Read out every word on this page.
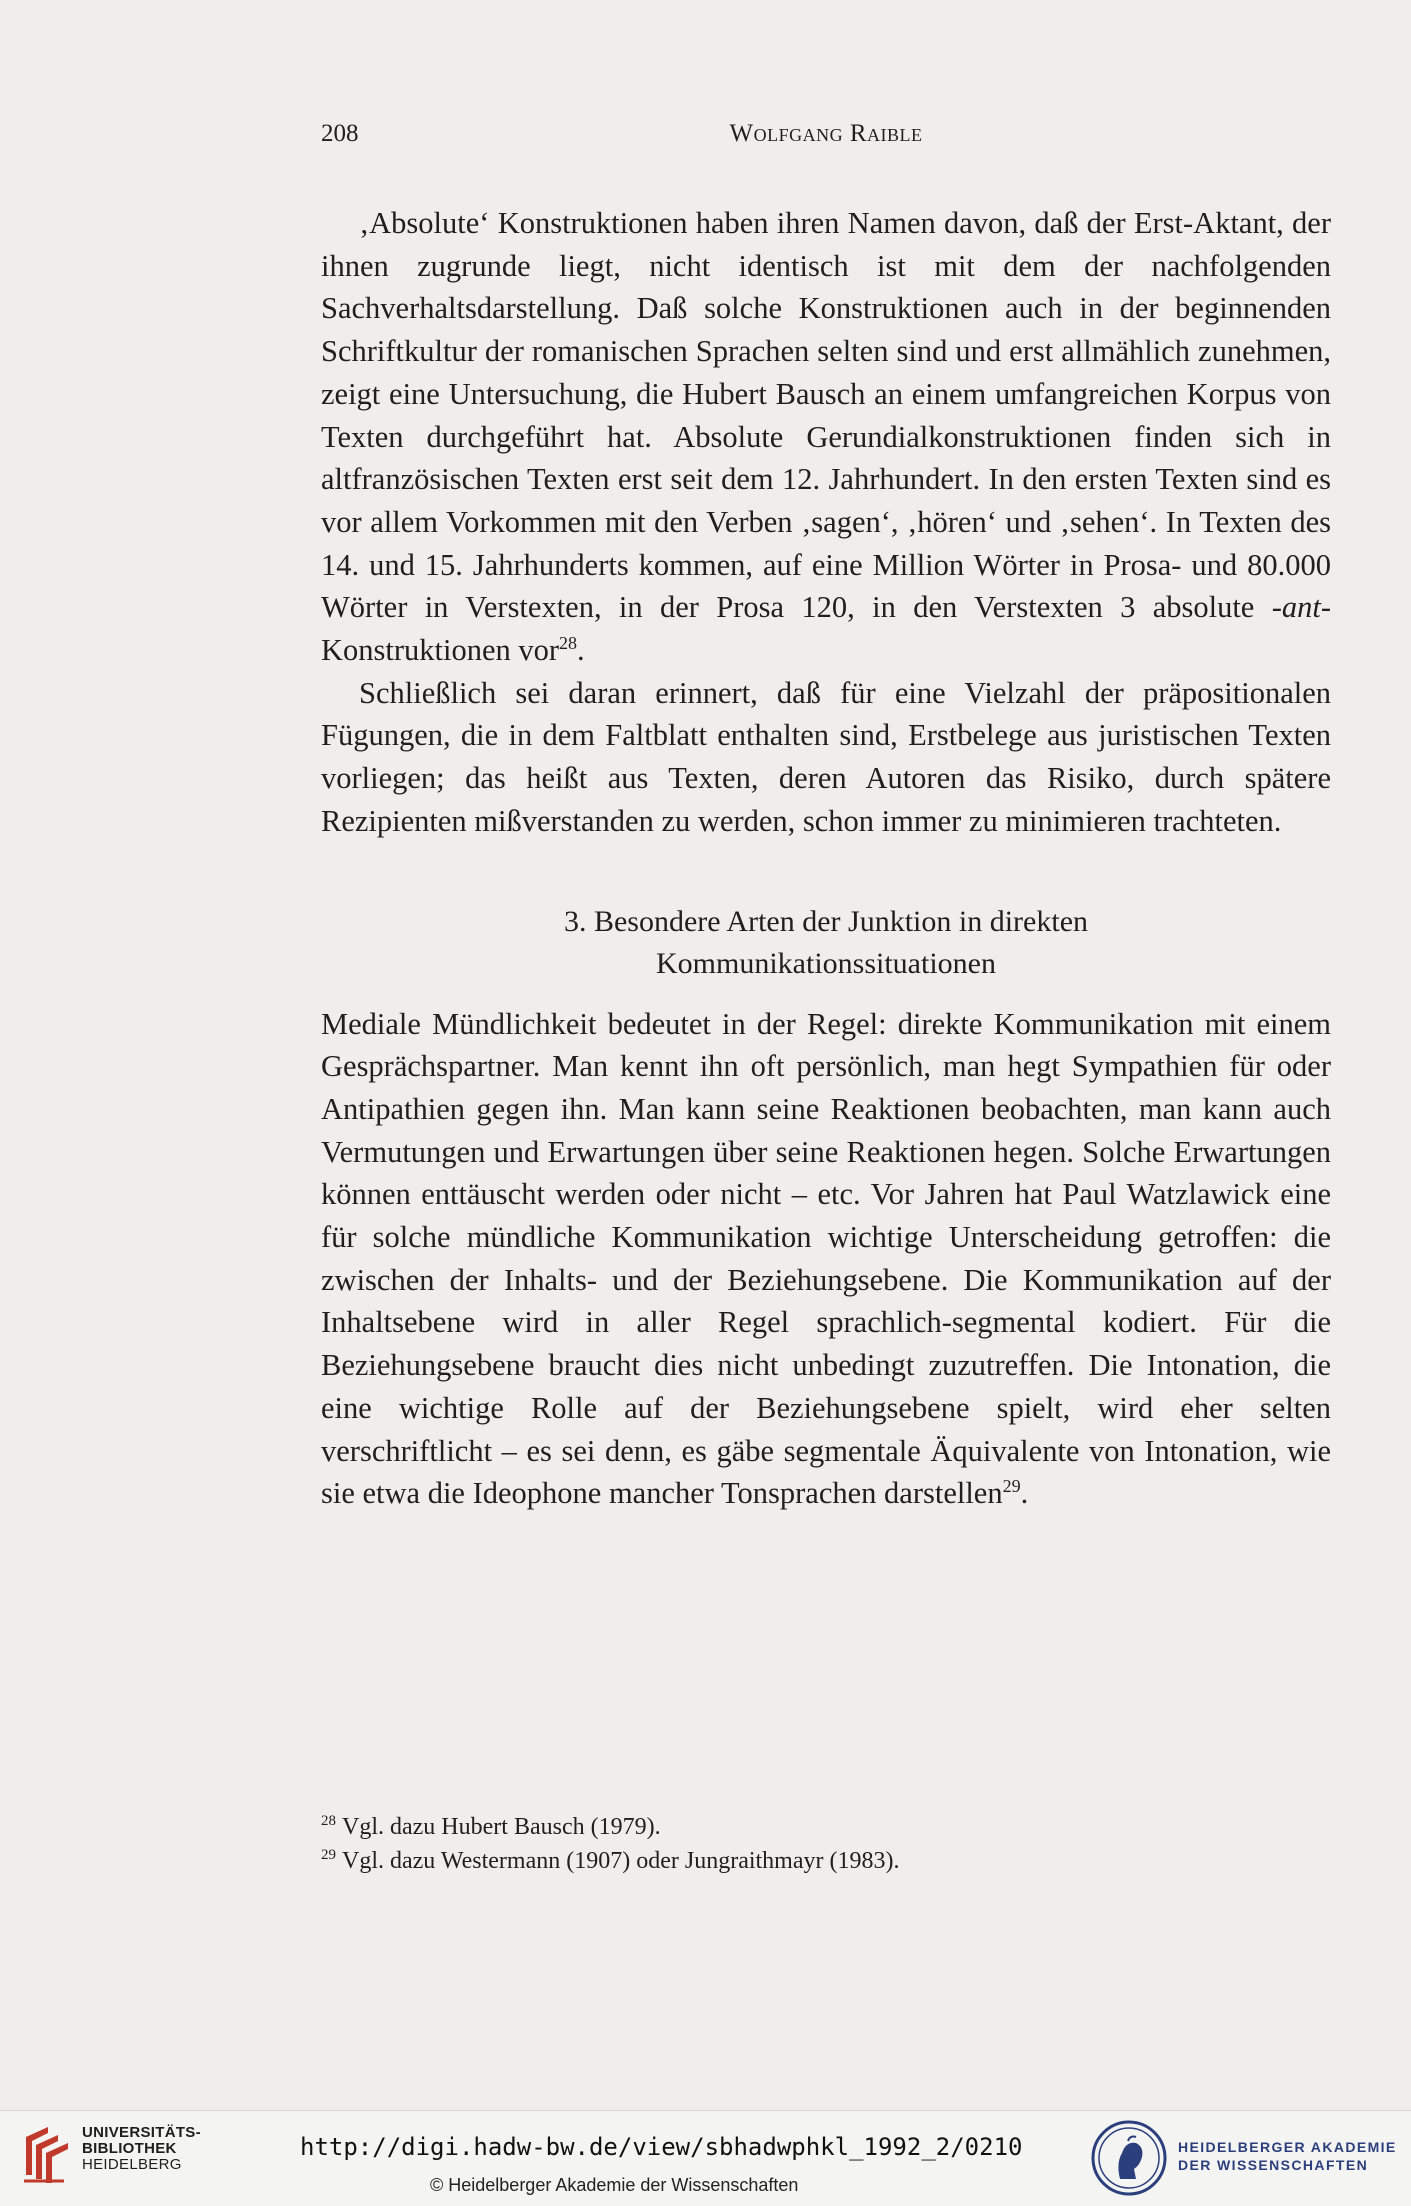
208	Wolfgang Raible

‚Absolute‘ Konstruktionen haben ihren Namen davon, daß der Erst-Aktant, der ihnen zugrunde liegt, nicht identisch ist mit dem der nachfolgenden Sachverhaltsdarstellung. Daß solche Konstruktionen auch in der beginnenden Schriftkultur der romanischen Sprachen selten sind und erst allmählich zunehmen, zeigt eine Untersuchung, die Hubert Bausch an einem umfangreichen Korpus von Texten durchgeführt hat. Absolute Gerundialkonstruktionen finden sich in altfranzösischen Texten erst seit dem 12. Jahrhundert. In den ersten Texten sind es vor allem Vorkommen mit den Verben ‚sagen‘, ‚hören‘ und ‚sehen‘. In Texten des 14. und 15. Jahrhunderts kommen, auf eine Million Wörter in Prosa- und 80.000 Wörter in Verstexten, in der Prosa 120, in den Verstexten 3 absolute -ant-Konstruktionen vor$^{28}$.

Schließlich sei daran erinnert, daß für eine Vielzahl der präpositionalen Fügungen, die in dem Faltblatt enthalten sind, Erstbelege aus juristischen Texten vorliegen; das heißt aus Texten, deren Autoren das Risiko, durch spätere Rezipienten mißverstanden zu werden, schon immer zu minimieren trachteten.

3. Besondere Arten der Junktion in direkten
Kommunikationssituationen

Mediale Mündlichkeit bedeutet in der Regel: direkte Kommunikation mit einem Gesprächspartner. Man kennt ihn oft persönlich, man hegt Sympathien für oder Antipathien gegen ihn. Man kann seine Reaktionen beobachten, man kann auch Vermutungen und Erwartungen über seine Reaktionen hegen. Solche Erwartungen können enttäuscht werden oder nicht – etc. Vor Jahren hat Paul Watzlawick eine für solche mündliche Kommunikation wichtige Unterscheidung getroffen: die zwischen der Inhalts- und der Beziehungsebene. Die Kommunikation auf der Inhaltsebene wird in aller Regel sprachlich-segmental kodiert. Für die Beziehungsebene braucht dies nicht unbedingt zuzutreffen. Die Intonation, die eine wichtige Rolle auf der Beziehungsebene spielt, wird eher selten verschriftlicht – es sei denn, es gäbe segmentale Äquivalente von Intonation, wie sie etwa die Ideophone mancher Tonsprachen darstellen$^{29}$.

$^{28}$ Vgl. dazu Hubert Bausch (1979).
$^{29}$ Vgl. dazu Westermann (1907) oder Jungraithmayr (1983).
UNIVERSITÄTS-
BIBLIOTHEK
HEIDELBERG
http://digi.hadw-bw.de/view/sbhadwphkl_1992_2/0210
© Heidelberger Akademie der Wissenschaften
HEIDELBERGER AKADEMIE
DER WISSENSCHAFTEN
